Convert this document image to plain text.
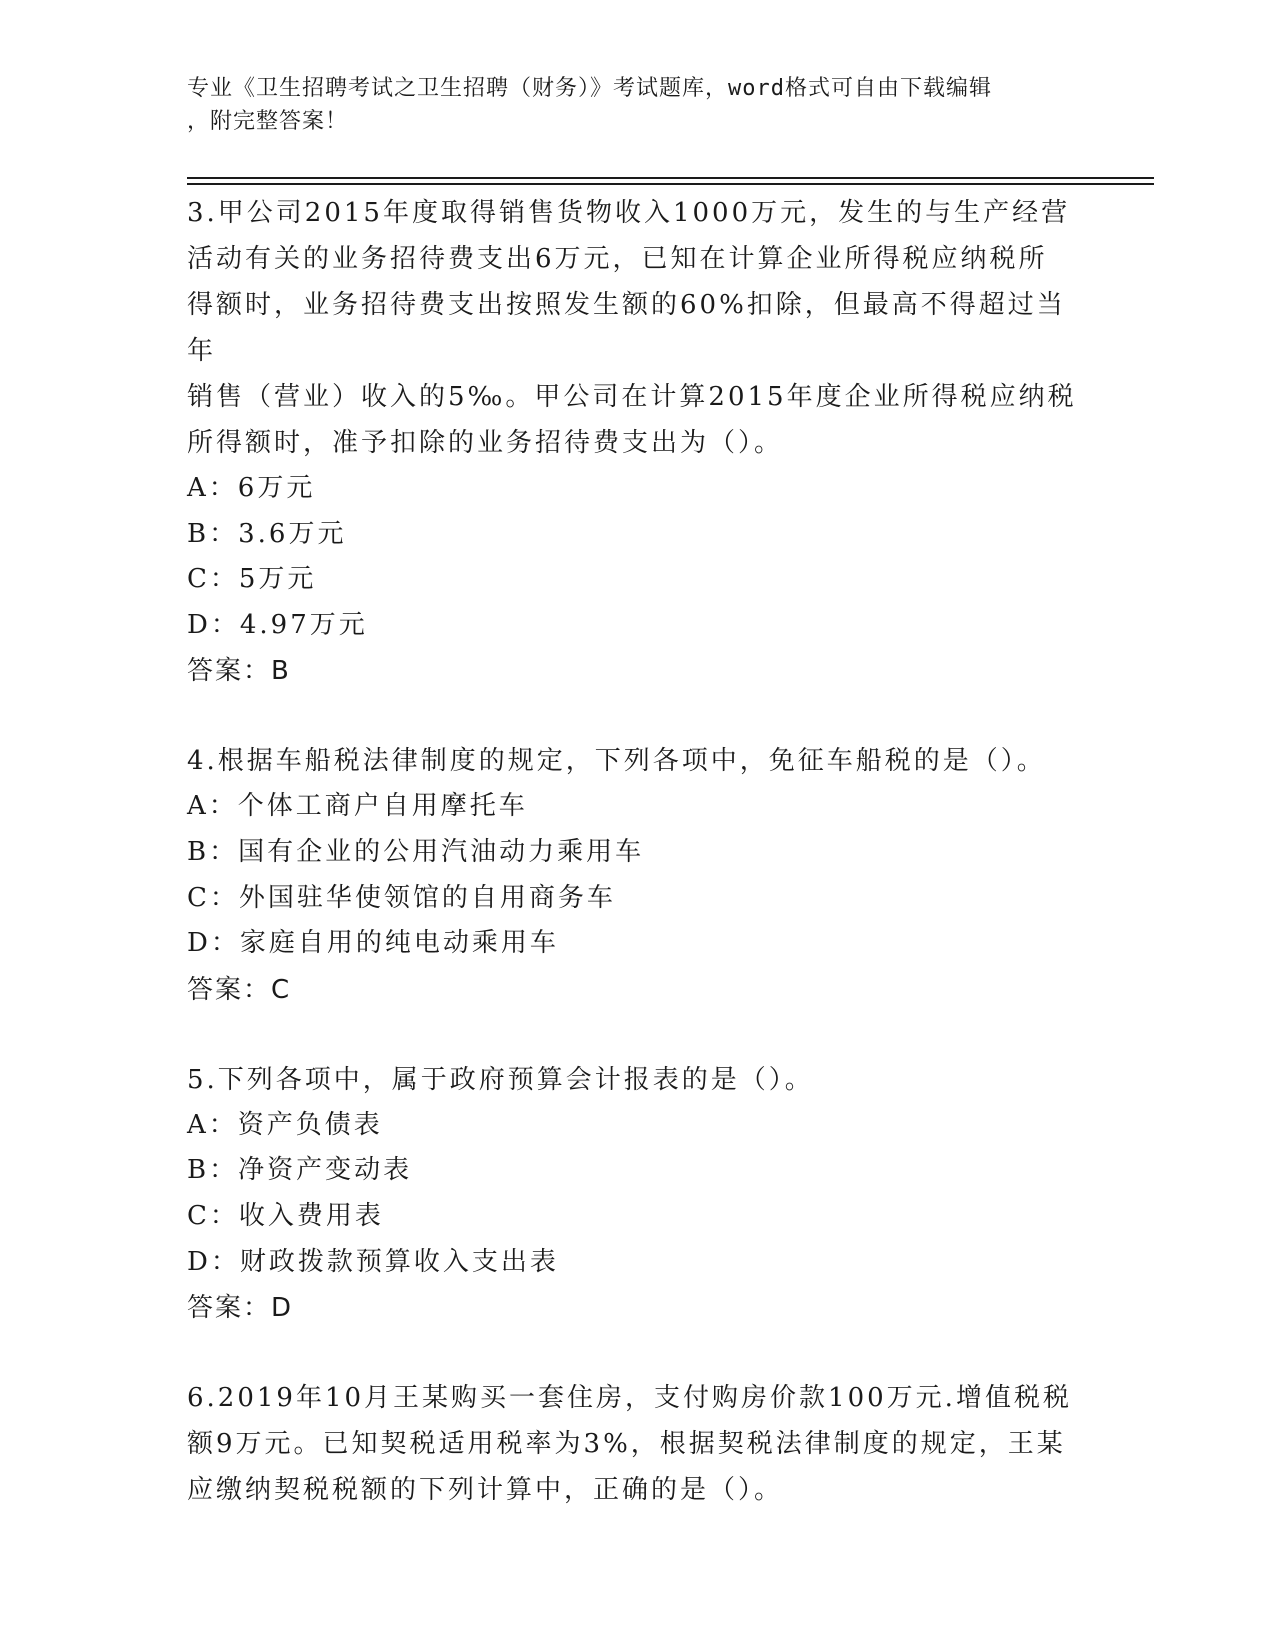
专业《卫生招聘考试之卫生招聘（财务）》考试题库，word格式可自由下载编辑
，附完整答案！

3.甲公司2015年度取得销售货物收入1000万元，发生的与生产经营

活动有关的业务招待费支出6万元，已知在计算企业所得税应纳税所

得额时，业务招待费支出按照发生额的60%扣除，但最高不得超过当年

销售（营业）收入的5‰。甲公司在计算2015年度企业所得税应纳税

所得额时，准予扣除的业务招待费支出为（）。

A：6万元

B：3.6万元

C：5万元

D：4.97万元

答案：B

4.根据车船税法律制度的规定，下列各项中，免征车船税的是（）。

A：个体工商户自用摩托车

B：国有企业的公用汽油动力乘用车

C：外国驻华使领馆的自用商务车

D：家庭自用的纯电动乘用车

答案：C

5.下列各项中，属于政府预算会计报表的是（）。

A：资产负债表

B：净资产变动表

C：收入费用表

D：财政拨款预算收入支出表

答案：D

6.2019年10月王某购买一套住房，支付购房价款100万元.增值税税

额9万元。已知契税适用税率为3%，根据契税法律制度的规定，王某

应缴纳契税税额的下列计算中，正确的是（）。
